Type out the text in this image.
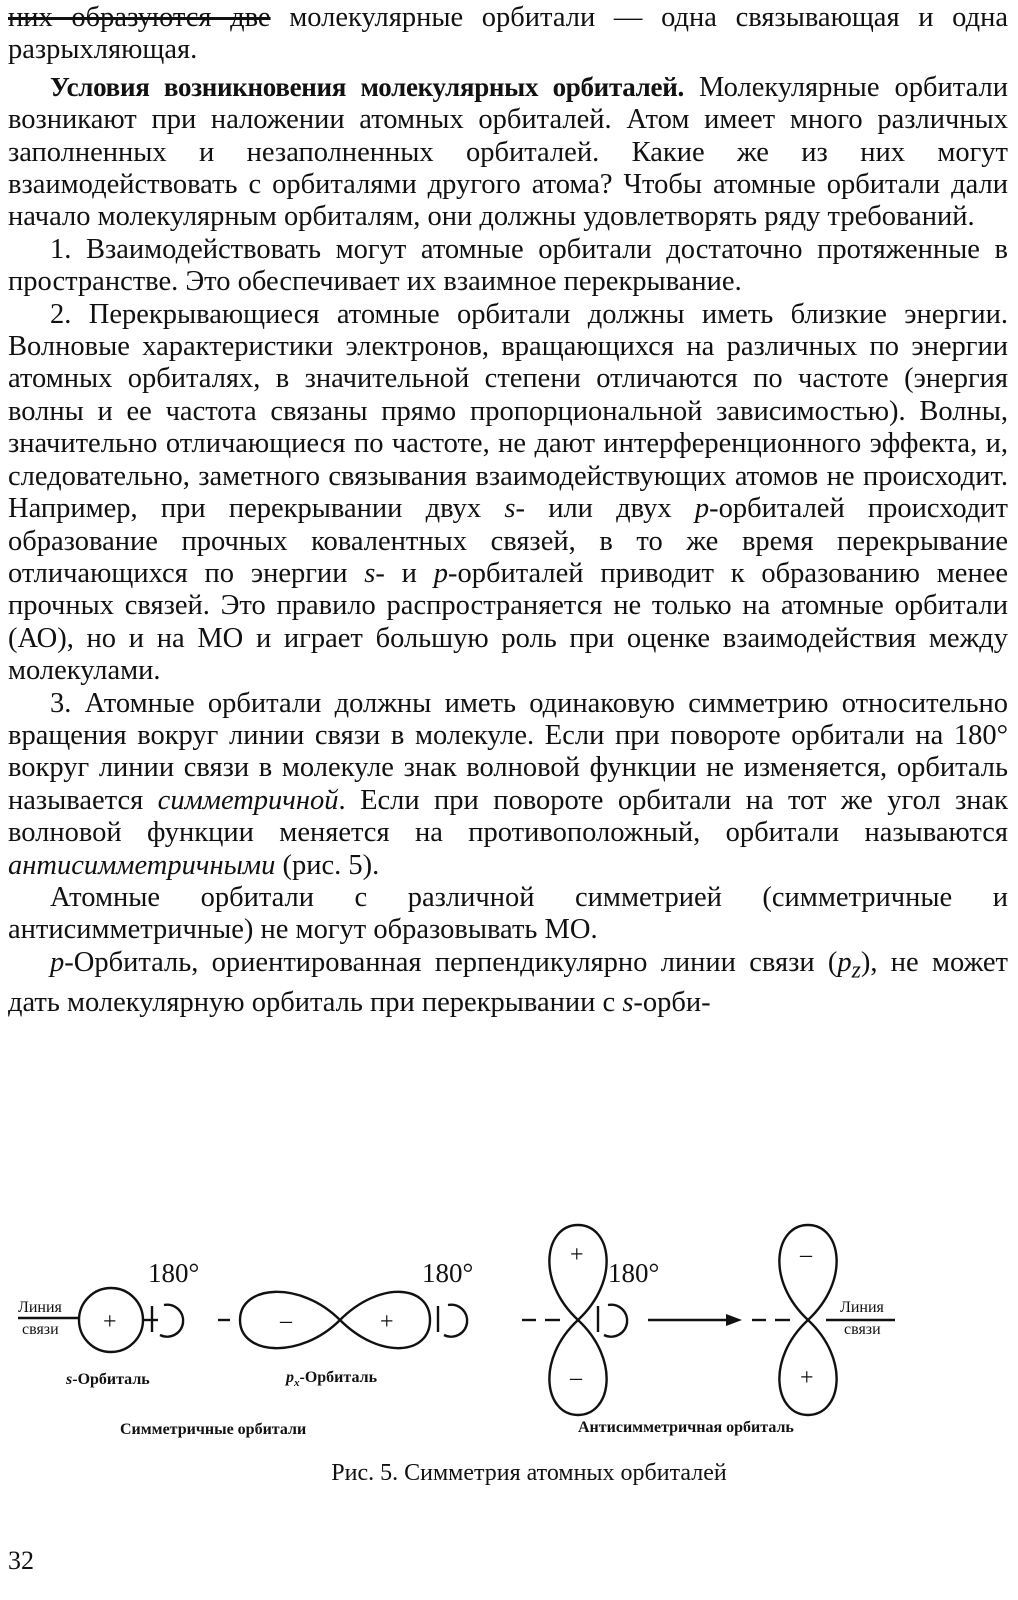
них образуются две молекулярные орбитали — одна связывающая и одна разрыхляющая.

Условия возникновения молекулярных орбиталей. Молекулярные орбитали возникают при наложении атомных орбиталей. Атом имеет много различных заполненных и незаполненных орбиталей. Какие же из них могут взаимодействовать с орбиталями другого атома? Чтобы атомные орбитали дали начало молекулярным орбиталям, они должны удовлетворять ряду требований.

1. Взаимодействовать могут атомные орбитали достаточно протяженные в пространстве. Это обеспечивает их взаимное перекрывание.

2. Перекрывающиеся атомные орбитали должны иметь близкие энергии. Волновые характеристики электронов, вращающихся на различных по энергии атомных орбиталях, в значительной степени отличаются по частоте (энергия волны и ее частота связаны прямо пропорциональной зависимостью). Волны, значительно отличающиеся по частоте, не дают интерференционного эффекта, и, следовательно, заметного связывания взаимодействующих атомов не происходит. Например, при перекрывании двух s- или двух p-орбиталей происходит образование прочных ковалентных связей, в то же время перекрывание отличающихся по энергии s- и p-орбиталей приводит к образованию менее прочных связей. Это правило распространяется не только на атомные орбитали (АО), но и на МО и играет большую роль при оценке взаимодействия между молекулами.

3. Атомные орбитали должны иметь одинаковую симметрию относительно вращения вокруг линии связи в молекуле. Если при повороте орбитали на 180° вокруг линии связи в молекуле знак волновой функции не изменяется, орбиталь называется симметричной. Если при повороте орбитали на тот же угол знак волновой функции меняется на противоположный, орбитали называются антисимметричными (рис. 5).

Атомные орбитали с различной симметрией (симметричные и антисимметричные) не могут образовывать МО.

p-Орбиталь, ориентированная перпендикулярно линии связи $(p_z)$, не может дать молекулярную орбиталь при перекрывании с s-орби-

180°	180°	180°
Линия
связи
Линия
связи
+	–	+
+
–
–
+
s-Орбиталь	$p_x$-Орбиталь
Симметричные орбитали	Антисимметричная орбиталь
Рис. 5. Симметрия атомных орбиталей
32
